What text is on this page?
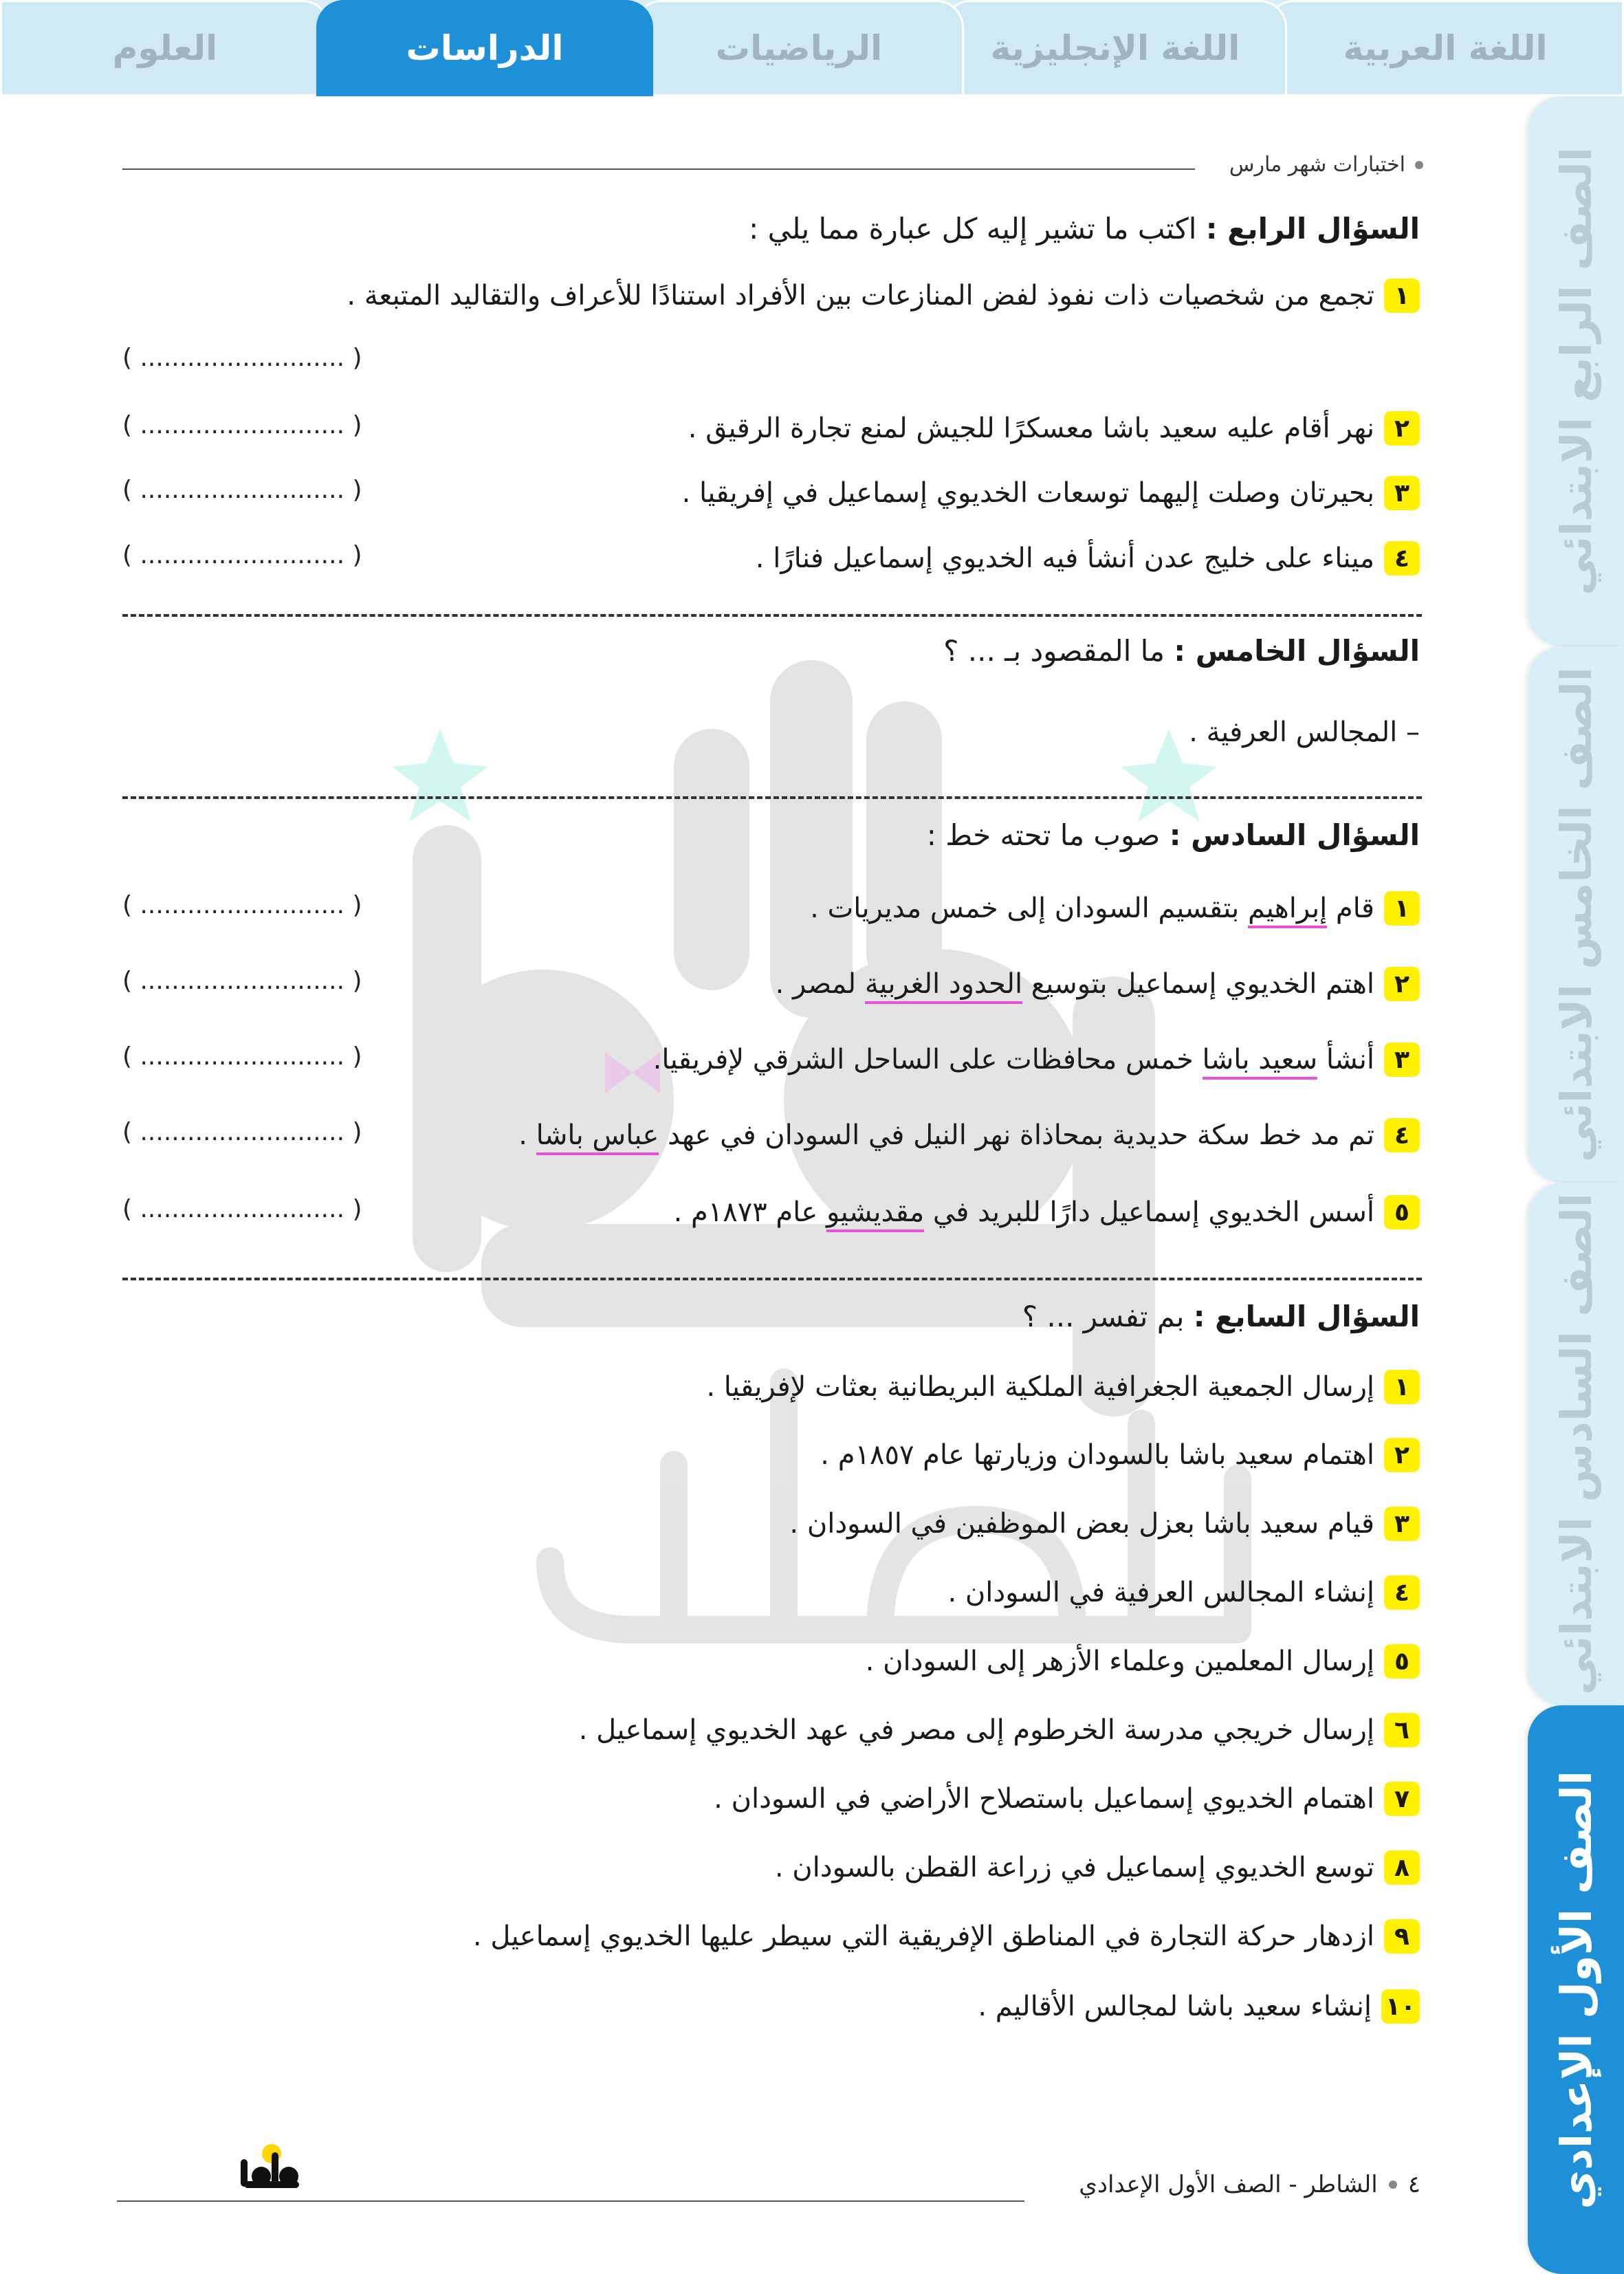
اللغة العربية
اللغة الإنجليزية
الرياضيات
العلوم	الدراسات
الصف الرابع الابتدائي
الصف الخامس الابتدائي
الصف السادس الابتدائي
الصف الأول الإعدادي
اختبارات شهر مارس
السؤال الرابع : اكتب ما تشير إليه كل عبارة مما يلي :
١
تجمع من شخصيات ذات نفوذ لفض المنازعات بين الأفراد استنادًا للأعراف والتقاليد المتبعة .
( .......................... )
٢
نهر أقام عليه سعيد باشا معسكرًا للجيش لمنع تجارة الرقيق .
( .......................... )
٣
بحيرتان وصلت إليهما توسعات الخديوي إسماعيل في إفريقيا .
( .......................... )
٤
ميناء على خليج عدن أنشأ فيه الخديوي إسماعيل فنارًا .
( .......................... )
السؤال الخامس : ما المقصود بـ ... ؟
– المجالس العرفية .
السؤال السادس : صوب ما تحته خط :
١
قام إبراهيم بتقسيم السودان إلى خمس مديريات .
( .......................... )
٢
اهتم الخديوي إسماعيل بتوسيع الحدود الغربية لمصر .
( .......................... )
٣
أنشأ سعيد باشا خمس محافظات على الساحل الشرقي لإفريقيا.
( .......................... )
٤
تم مد خط سكة حديدية بمحاذاة نهر النيل في السودان في عهد عباس باشا .
( .......................... )
٥
أسس الخديوي إسماعيل دارًا للبريد في مقديشيو عام ١٨٧٣م .
( .......................... )
السؤال السابع : بم تفسر ... ؟
١
إرسال الجمعية الجغرافية الملكية البريطانية بعثات لإفريقيا .
٢
اهتمام سعيد باشا بالسودان وزيارتها عام ١٨٥٧م .
٣
قيام سعيد باشا بعزل بعض الموظفين في السودان .
٤
إنشاء المجالس العرفية في السودان .
٥
إرسال المعلمين وعلماء الأزهر إلى السودان .
٦
إرسال خريجي مدرسة الخرطوم إلى مصر في عهد الخديوي إسماعيل .
٧
اهتمام الخديوي إسماعيل باستصلاح الأراضي في السودان .
٨
توسع الخديوي إسماعيل في زراعة القطن بالسودان .
٩
ازدهار حركة التجارة في المناطق الإفريقية التي سيطر عليها الخديوي إسماعيل .
١٠
إنشاء سعيد باشا لمجالس الأقاليم .
٤
الشاطر - الصف الأول الإعدادي
